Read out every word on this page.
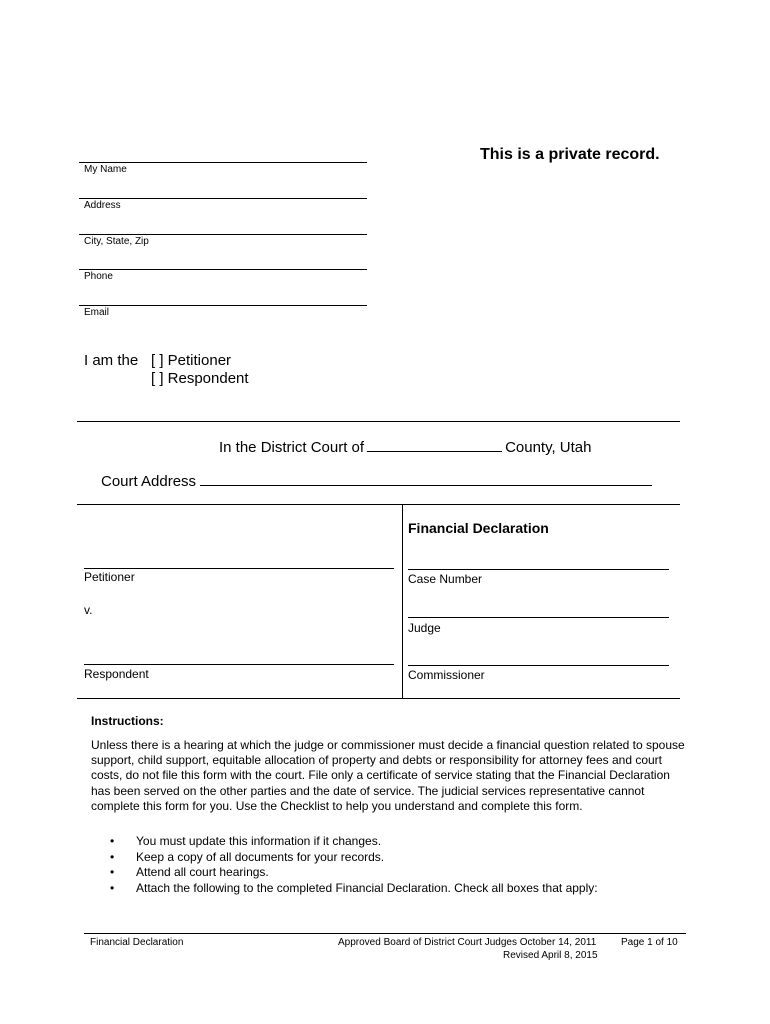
This is a private record.
My Name
Address
City, State, Zip
Phone
Email
I am the [ ] Petitioner
[ ] Respondent
In the District Court of	County, Utah
Court Address
Financial Declaration
Petitioner
v.
Respondent
Case Number
Judge
Commissioner
Instructions:
Unless there is a hearing at which the judge or commissioner must decide a financial question related to spouse support, child support, equitable allocation of property and debts or responsibility for attorney fees and court costs, do not file this form with the court. File only a certificate of service stating that the Financial Declaration has been served on the other parties and the date of service. The judicial services representative cannot complete this form for you. Use the Checklist to help you understand and complete this form.
• You must update this information if it changes.
• Keep a copy of all documents for your records.
• Attend all court hearings.
• Attach the following to the completed Financial Declaration. Check all boxes that apply:
Financial Declaration	Approved Board of District Court Judges October 14, 2011
Revised April 8, 2015
Page 1 of 10
